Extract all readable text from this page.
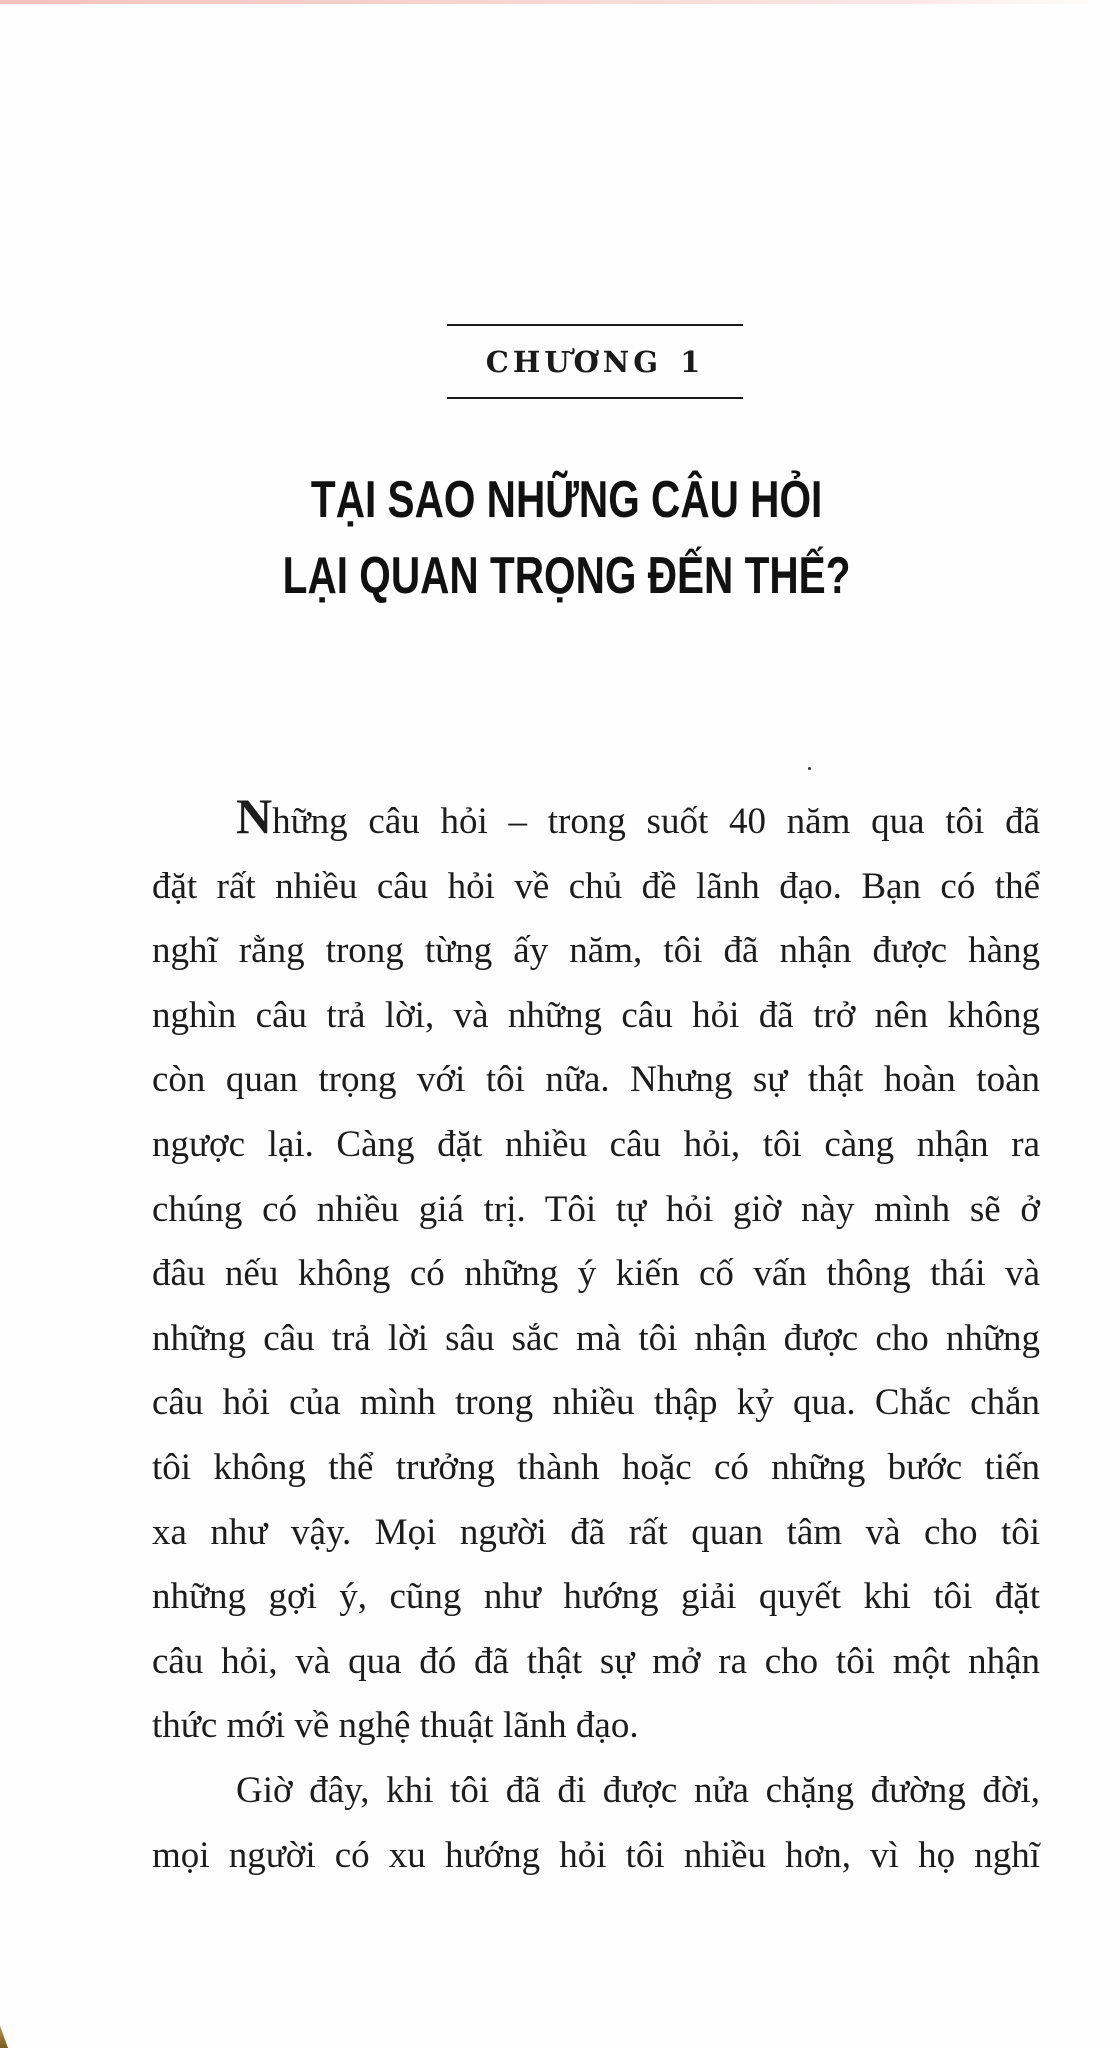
CHƯƠNG 1
TẠI SAO NHỮNG CÂU HỎI
LẠI QUAN TRỌNG ĐẾN THẾ?
Những câu hỏi – trong suốt 40 năm qua tôi đã
đặt rất nhiều câu hỏi về chủ đề lãnh đạo. Bạn có thể
nghĩ rằng trong từng ấy năm, tôi đã nhận được hàng
nghìn câu trả lời, và những câu hỏi đã trở nên không
còn quan trọng với tôi nữa. Nhưng sự thật hoàn toàn
ngược lại. Càng đặt nhiều câu hỏi, tôi càng nhận ra
chúng có nhiều giá trị. Tôi tự hỏi giờ này mình sẽ ở
đâu nếu không có những ý kiến cố vấn thông thái và
những câu trả lời sâu sắc mà tôi nhận được cho những
câu hỏi của mình trong nhiều thập kỷ qua. Chắc chắn
tôi không thể trưởng thành hoặc có những bước tiến
xa như vậy. Mọi người đã rất quan tâm và cho tôi
những gợi ý, cũng như hướng giải quyết khi tôi đặt
câu hỏi, và qua đó đã thật sự mở ra cho tôi một nhận
thức mới về nghệ thuật lãnh đạo.
Giờ đây, khi tôi đã đi được nửa chặng đường đời,
mọi người có xu hướng hỏi tôi nhiều hơn, vì họ nghĩ
